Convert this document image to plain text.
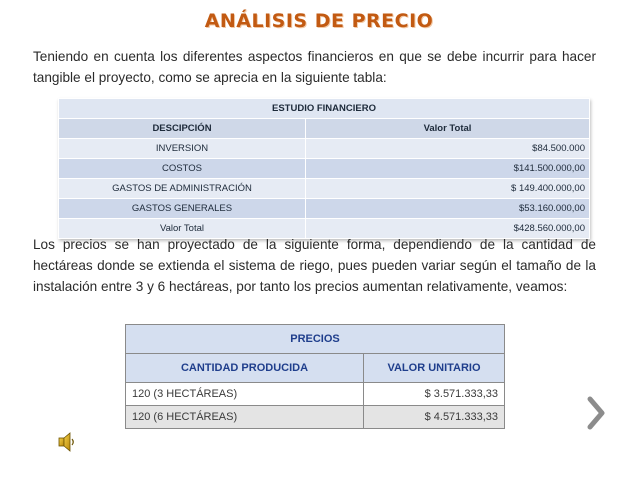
ANÁLISIS DE PRECIO
Teniendo en cuenta los diferentes aspectos financieros en que se debe incurrir para hacer tangible el proyecto, como se aprecia en la siguiente tabla:
ESTUDIO FINANCIERO	
DESCIPCIÓN	Valor Total
INVERSION	$84.500.000
COSTOS	$141.500.000,00
GASTOS DE ADMINISTRACIÓN	$ 149.400.000,00
GASTOS GENERALES	$53.160.000,00
Valor Total	$428.560.000,00
Los precios se han proyectado de la siguiente forma, dependiendo de la cantidad de hectáreas donde se extienda el sistema de riego, pues pueden variar según el tamaño de la instalación entre 3 y 6 hectáreas, por tanto los precios aumentan relativamente, veamos:
PRECIOS	
CANTIDAD PRODUCIDA	VALOR UNITARIO
120 (3 HECTÁREAS)	$ 3.571.333,33
120 (6 HECTÁREAS)	$ 4.571.333,33
